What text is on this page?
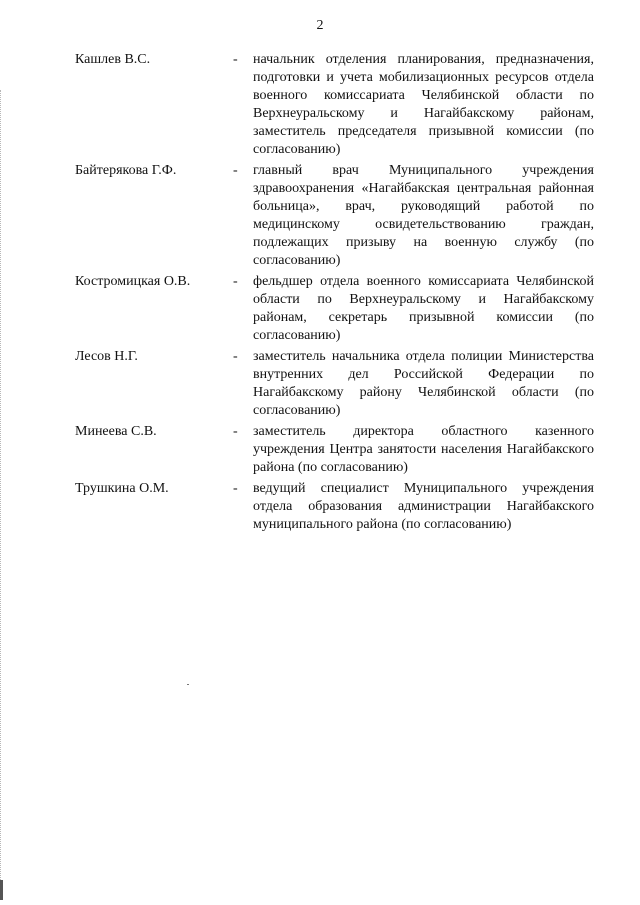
2
Кашлев В.С.	- начальник отделения планирования, предназначения, подготовки и учета мобилизационных ресурсов отдела военного комиссариата Челябинской области по Верхнеуральскому и Нагайбакскому районам, заместитель председателя призывной комиссии (по согласованию)
Байтерякова Г.Ф.	- главный врач Муниципального учреждения здравоохранения «Нагайбакская центральная районная больница», врач, руководящий работой по медицинскому освидетельствованию граждан, подлежащих призыву на военную службу (по согласованию)
Костромицкая О.В.	- фельдшер отдела военного комиссариата Челябинской области по Верхнеуральскому и Нагайбакскому районам, секретарь призывной комиссии (по согласованию)
Лесов Н.Г.	- заместитель начальника отдела полиции Министерства внутренних дел Российской Федерации по Нагайбакскому району Челябинской области (по согласованию)
Минеева С.В.	- заместитель директора областного казенного учреждения Центра занятости населения Нагайбакского района (по согласованию)
Трушкина О.М.	- ведущий специалист Муниципального учреждения отдела образования администрации Нагайбакского муниципального района (по согласованию)
